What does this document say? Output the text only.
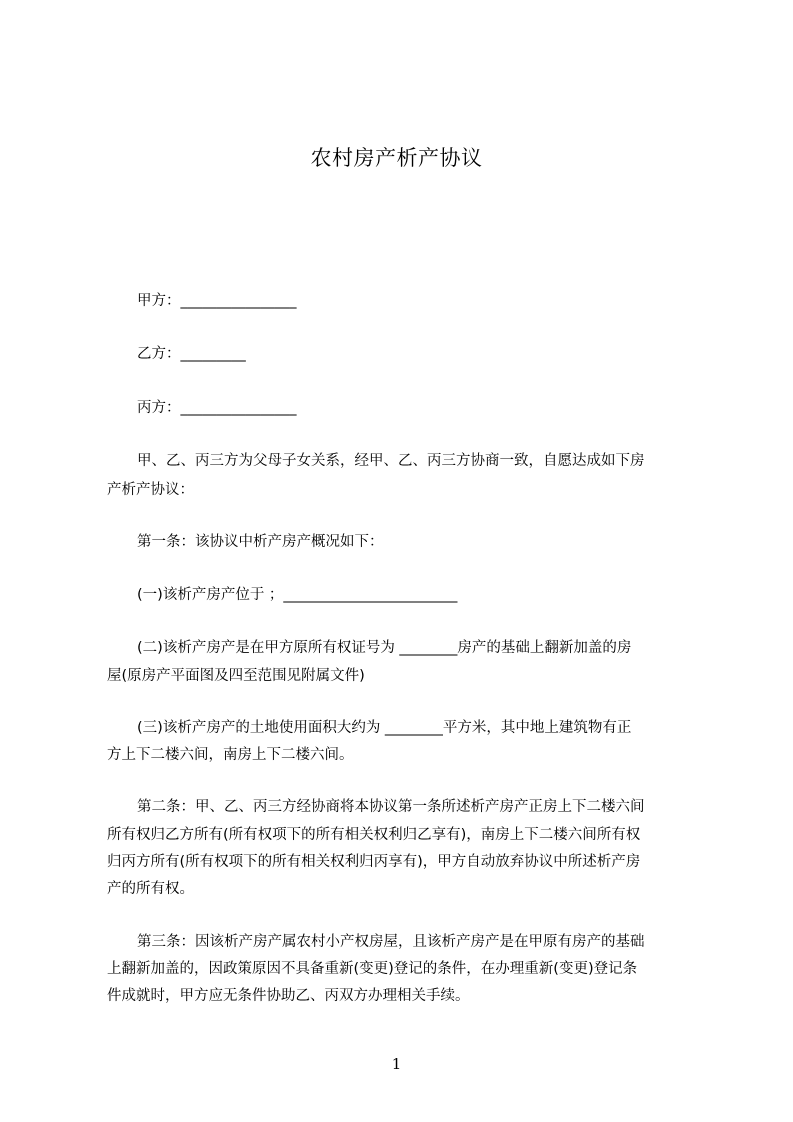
农村房产析产协议
甲方：________________
乙方：_________
丙方：________________
甲、乙、丙三方为父母子女关系，经甲、乙、丙三方协商一致，自愿达成如下房
产析产协议：
第一条：该协议中析产房产概况如下：
(一)该析产房产位于 ；________________________
(二)该析产房产是在甲方原所有权证号为 ________房产的基础上翻新加盖的房
屋(原房产平面图及四至范围见附属文件)
(三)该析产房产的土地使用面积大约为 ________平方米，其中地上建筑物有正
方上下二楼六间，南房上下二楼六间。
第二条：甲、乙、丙三方经协商将本协议第一条所述析产房产正房上下二楼六间
所有权归乙方所有(所有权项下的所有相关权利归乙享有)，南房上下二楼六间所有权
归丙方所有(所有权项下的所有相关权利归丙享有)，甲方自动放弃协议中所述析产房
产的所有权。
第三条：因该析产房产属农村小产权房屋，且该析产房产是在甲原有房产的基础
上翻新加盖的，因政策原因不具备重新(变更)登记的条件，在办理重新(变更)登记条
件成就时，甲方应无条件协助乙、丙双方办理相关手续。
1
